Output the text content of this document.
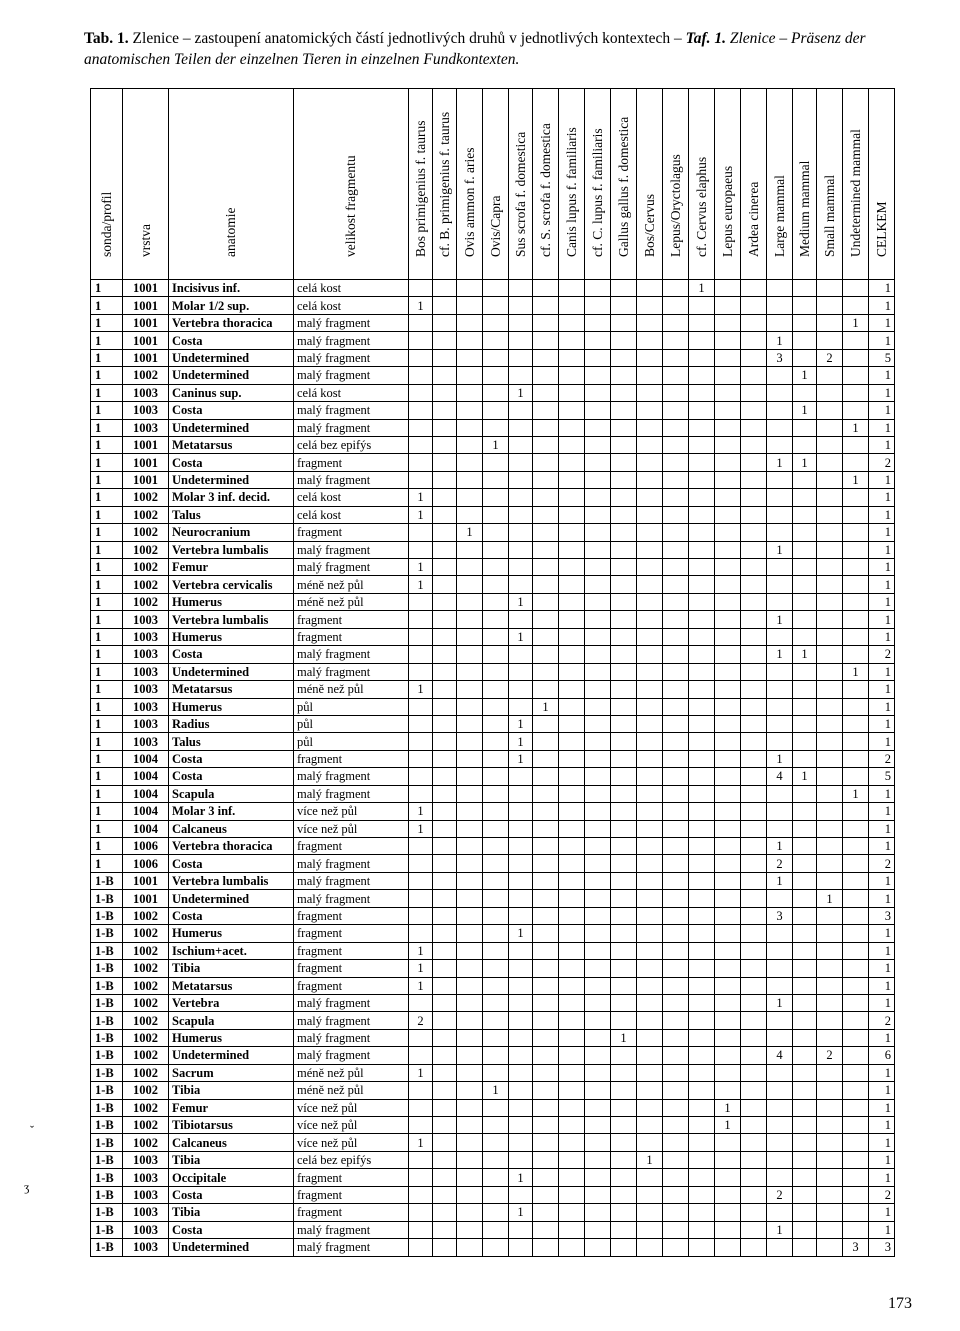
Tab. 1. Zlenice – zastoupení anatomických částí jednotlivých druhů v jednotlivých kontextech – Taf. 1. Zlenice – Präsenz der anatomischen Teilen der einzelnen Tieren in einzelnen Fundkontexten.
sonda/profil	vrstva	anatomie	velikost fragmentu	Bos primigenius f. taurus	cf. B. primigenius f. taurus	Ovis ammon f. aries	Ovis/Capra	Sus scrofa f. domestica	cf. S. scrofa f. domestica	Canis lupus f. familiaris	cf. C. lupus f. familiaris	Gallus gallus f. domestica	Bos/Cervus	Lepus/Oryctolagus	cf. Cervus elaphus	Lepus europaeus	Ardea cinerea	Large mammal	Medium mammal	Small mammal	Undetermined mammal	CELKEM

1	1001	Incisivus inf.	celá kost												1							1
1	1001	Molar 1/2 sup.	celá kost	1																		1
1	1001	Vertebra thoracica	malý fragment																		1	1
1	1001	Costa	malý fragment															1				1
1	1001	Undetermined	malý fragment															3		2		5
1	1002	Undetermined	malý fragment																1			1
1	1003	Caninus sup.	celá kost					1														1
1	1003	Costa	malý fragment																1			1
1	1003	Undetermined	malý fragment																		1	1
1	1001	Metatarsus	celá bez epifýs				1															1
1	1001	Costa	fragment															1	1			2
1	1001	Undetermined	malý fragment																		1	1
1	1002	Molar 3 inf. decid.	celá kost	1																		1
1	1002	Talus	celá kost	1																		1
1	1002	Neurocranium	fragment			1																1
1	1002	Vertebra lumbalis	malý fragment															1				1
1	1002	Femur	malý fragment	1																		1
1	1002	Vertebra cervicalis	méně než půl	1																		1
1	1002	Humerus	méně než půl					1														1
1	1003	Vertebra lumbalis	fragment															1				1
1	1003	Humerus	fragment					1														1
1	1003	Costa	malý fragment															1	1			2
1	1003	Undetermined	malý fragment																		1	1
1	1003	Metatarsus	méně než půl	1																		1
1	1003	Humerus	půl						1													1
1	1003	Radius	půl					1														1
1	1003	Talus	půl					1														1
1	1004	Costa	fragment					1										1				2
1	1004	Costa	malý fragment															4	1			5
1	1004	Scapula	malý fragment																		1	1
1	1004	Molar 3 inf.	více než půl	1																		1
1	1004	Calcaneus	více než půl	1																		1
1	1006	Vertebra thoracica	fragment															1				1
1	1006	Costa	malý fragment															2				2
1-B	1001	Vertebra lumbalis	malý fragment															1				1
1-B	1001	Undetermined	malý fragment																	1		1
1-B	1002	Costa	fragment															3				3
1-B	1002	Humerus	fragment					1														1
1-B	1002	Ischium+acet.	fragment	1																		1
1-B	1002	Tibia	fragment	1																		1
1-B	1002	Metatarsus	fragment	1																		1
1-B	1002	Vertebra	malý fragment															1				1
1-B	1002	Scapula	malý fragment	2																		2
1-B	1002	Humerus	malý fragment									1										1
1-B	1002	Undetermined	malý fragment															4		2		6
1-B	1002	Sacrum	méně než půl	1																		1
1-B	1002	Tibia	méně než půl				1															1
1-B	1002	Femur	více než půl													1						1
1-B	1002	Tibiotarsus	více než půl													1						1
1-B	1002	Calcaneus	více než půl	1																		1
1-B	1003	Tibia	celá bez epifýs										1									1
1-B	1003	Occipitale	fragment					1														1
1-B	1003	Costa	fragment															2				2
1-B	1003	Tibia	fragment					1														1
1-B	1003	Costa	malý fragment															1				1
1-B	1003	Undetermined	malý fragment																		3	3
173
ˇ
ʒ
